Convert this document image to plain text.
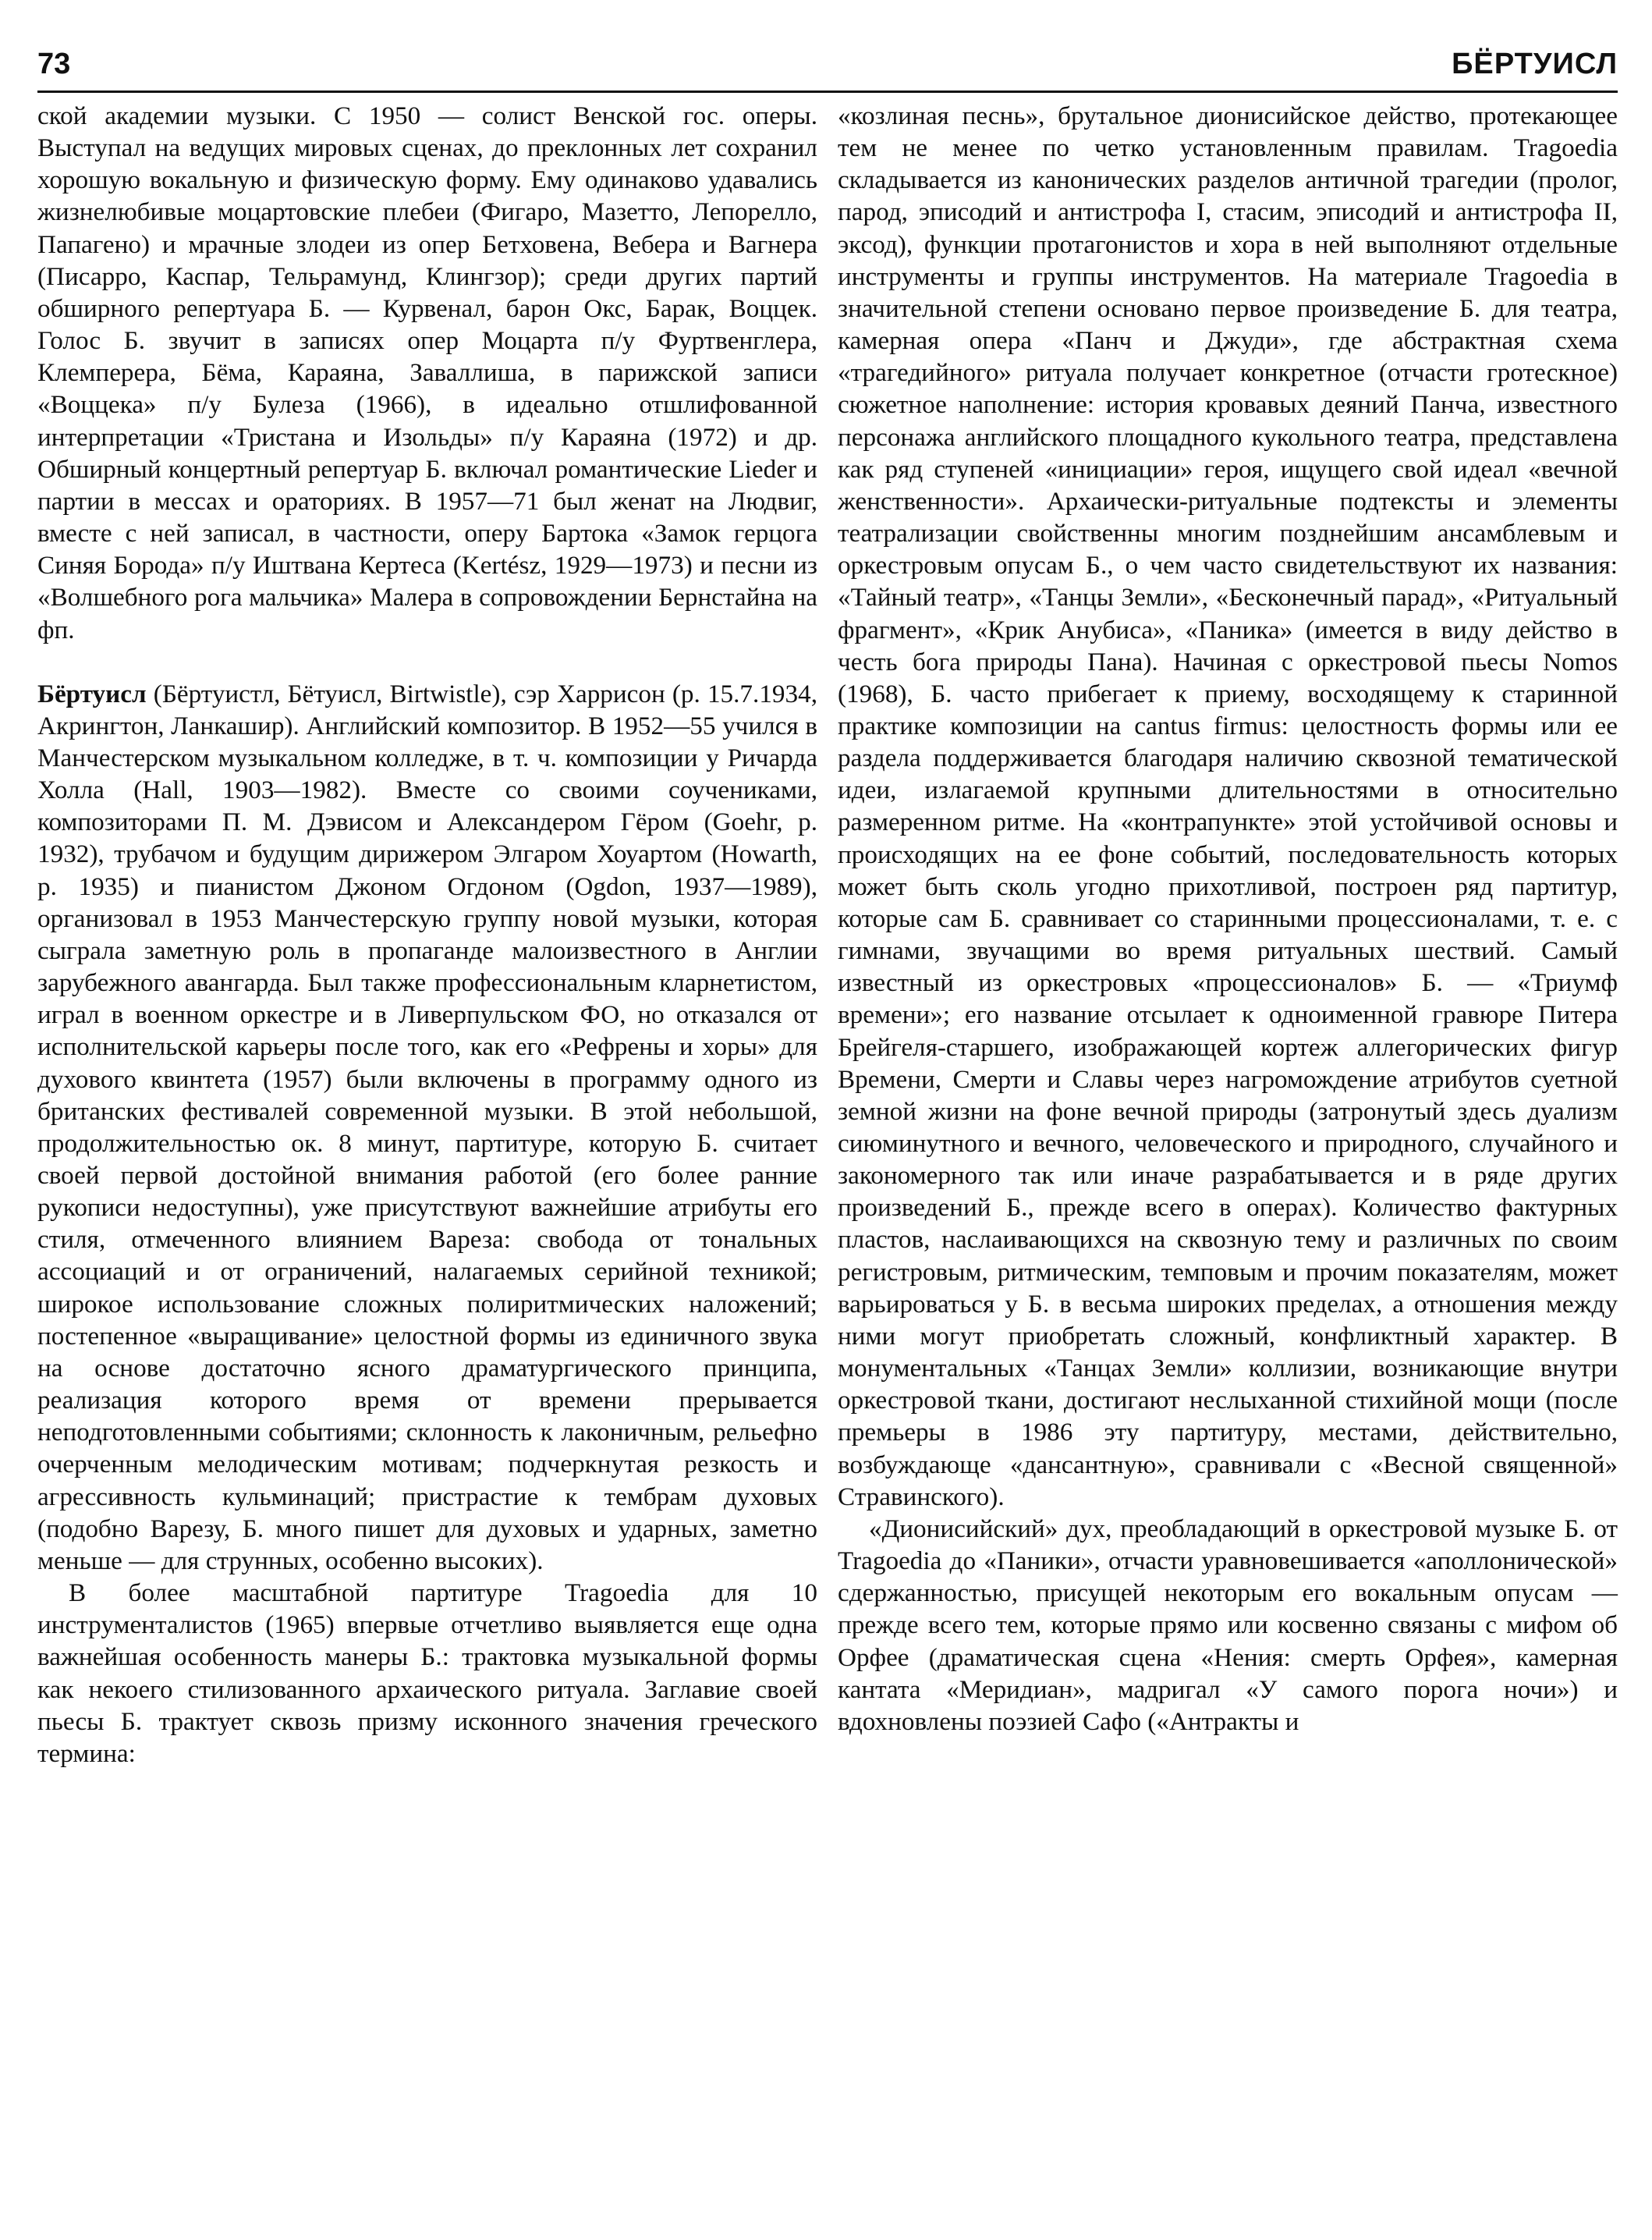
73	БЁРТУИСЛ

ской академии музыки. С 1950 — солист Венской гос. оперы. Выступал на ведущих мировых сценах, до преклонных лет сохранил хорошую вокальную и физическую форму. Ему одинаково удавались жизнелюбивые моцартовские плебеи (Фигаро, Мазетто, Лепорелло, Папагено) и мрачные злодеи из опер Бетховена, Вебера и Вагнера (Писарро, Каспар, Тельрамунд, Клингзор); среди других партий обширного репертуара Б. — Курвенал, барон Окс, Барак, Воццек. Голос Б. звучит в записях опер Моцарта п/у Фуртвенглера, Клемперера, Бёма, Караяна, Заваллиша, в парижской записи «Воццека» п/у Булеза (1966), в идеально отшлифованной интерпретации «Тристана и Изольды» п/у Караяна (1972) и др. Обширный концертный репертуар Б. включал романтические Lieder и партии в мессах и ораториях. В 1957—71 был женат на Людвиг, вместе с ней записал, в частности, оперу Бартока «Замок герцога Синяя Борода» п/у Иштвана Кертеса (Kertész, 1929—1973) и песни из «Волшебного рога мальчика» Малера в сопровождении Бернстайна на фп.

Бёртуисл (Бёртуистл, Бётуисл, Birtwistle), сэр Харрисон (р. 15.7.1934, Акрингтон, Ланкашир). Английский композитор. В 1952—55 учился в Манчестерском музыкальном колледже, в т. ч. композиции у Ричарда Холла (Hall, 1903—1982). Вместе со своими соучениками, композиторами П. М. Дэвисом и Александером Гёром (Goehr, р. 1932), трубачом и будущим дирижером Элгаром Хоуартом (Howarth, р. 1935) и пианистом Джоном Огдоном (Ogdon, 1937—1989), организовал в 1953 Манчестерскую группу новой музыки, которая сыграла заметную роль в пропаганде малоизвестного в Англии зарубежного авангарда. Был также профессиональным кларнетистом, играл в военном оркестре и в Ливерпульском ФО, но отказался от исполнительской карьеры после того, как его «Рефрены и хоры» для духового квинтета (1957) были включены в программу одного из британских фестивалей современной музыки. В этой небольшой, продолжительностью ок. 8 минут, партитуре, которую Б. считает своей первой достойной внимания работой (его более ранние рукописи недоступны), уже присутствуют важнейшие атрибуты его стиля, отмеченного влиянием Вареза: свобода от тональных ассоциаций и от ограничений, налагаемых серийной техникой; широкое использование сложных полиритмических наложений; постепенное «выращивание» целостной формы из единичного звука на основе достаточно ясного драматургического принципа, реализация которого время от времени прерывается неподготовленными событиями; склонность к лаконичным, рельефно очерченным мелодическим мотивам; подчеркнутая резкость и агрессивность кульминаций; пристрастие к тембрам духовых (подобно Варезу, Б. много пишет для духовых и ударных, заметно меньше — для струнных, особенно высоких).

В более масштабной партитуре Tragoedia для 10 инструменталистов (1965) впервые отчетливо выявляется еще одна важнейшая особенность манеры Б.: трактовка музыкальной формы как некоего стилизованного архаического ритуала. Заглавие своей пьесы Б. трактует сквозь призму исконного значения греческого термина:

«козлиная песнь», брутальное дионисийское действо, протекающее тем не менее по четко установленным правилам. Tragoedia складывается из канонических разделов античной трагедии (пролог, парод, эписодий и антистрофа I, стасим, эписодий и антистрофа II, эксод), функции протагонистов и хора в ней выполняют отдельные инструменты и группы инструментов. На материале Tragoedia в значительной степени основано первое произведение Б. для театра, камерная опера «Панч и Джуди», где абстрактная схема «трагедийного» ритуала получает конкретное (отчасти гротескное) сюжетное наполнение: история кровавых деяний Панча, известного персонажа английского площадного кукольного театра, представлена как ряд ступеней «инициации» героя, ищущего свой идеал «вечной женственности». Архаически-ритуальные подтексты и элементы театрализации свойственны многим позднейшим ансамблевым и оркестровым опусам Б., о чем часто свидетельствуют их названия: «Тайный театр», «Танцы Земли», «Бесконечный парад», «Ритуальный фрагмент», «Крик Анубиса», «Паника» (имеется в виду действо в честь бога природы Пана). Начиная с оркестровой пьесы Nomos (1968), Б. часто прибегает к приему, восходящему к старинной практике композиции на cantus firmus: целостность формы или ее раздела поддерживается благодаря наличию сквозной тематической идеи, излагаемой крупными длительностями в относительно размеренном ритме. На «контрапункте» этой устойчивой основы и происходящих на ее фоне событий, последовательность которых может быть сколь угодно прихотливой, построен ряд партитур, которые сам Б. сравнивает со старинными процессионалами, т. е. с гимнами, звучащими во время ритуальных шествий. Самый известный из оркестровых «процессионалов» Б. — «Триумф времени»; его название отсылает к одноименной гравюре Питера Брейгеля-старшего, изображающей кортеж аллегорических фигур Времени, Смерти и Славы через нагромождение атрибутов суетной земной жизни на фоне вечной природы (затронутый здесь дуализм сиюминутного и вечного, человеческого и природного, случайного и закономерного так или иначе разрабатывается и в ряде других произведений Б., прежде всего в операх). Количество фактурных пластов, наслаивающихся на сквозную тему и различных по своим регистровым, ритмическим, темповым и прочим показателям, может варьироваться у Б. в весьма широких пределах, а отношения между ними могут приобретать сложный, конфликтный характер. В монументальных «Танцах Земли» коллизии, возникающие внутри оркестровой ткани, достигают неслыханной стихийной мощи (после премьеры в 1986 эту партитуру, местами, действительно, возбуждающе «дансантную», сравнивали с «Весной священной» Стравинского).

«Дионисийский» дух, преобладающий в оркестровой музыке Б. от Tragoedia до «Паники», отчасти уравновешивается «аполлонической» сдержанностью, присущей некоторым его вокальным опусам — прежде всего тем, которые прямо или косвенно связаны с мифом об Орфее (драматическая сцена «Нения: смерть Орфея», камерная кантата «Меридиан», мадригал «У самого порога ночи») и вдохновлены поэзией Сафо («Антракты и
